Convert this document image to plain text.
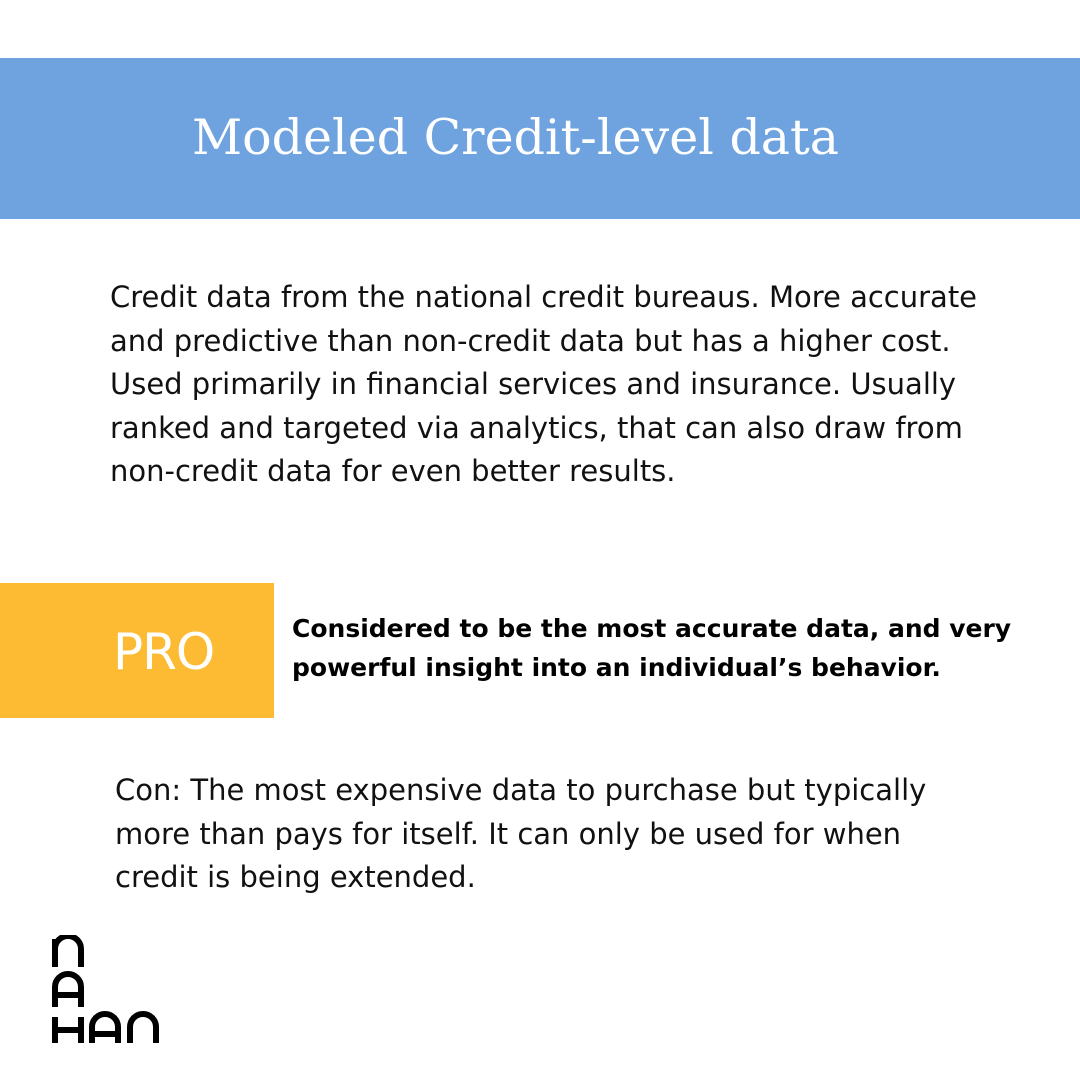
Modeled Credit-level data
Credit data from the national credit bureaus. More accurate and predictive than non-credit data but has a higher cost. Used primarily in financial services and insurance. Usually ranked and targeted via analytics, that can also draw from non-credit data for even better results.
PRO	Considered to be the most accurate data, and very powerful insight into an individual’s behavior.
Con: The most expensive data to purchase but typically more than pays for itself. It can only be used for when credit is being extended.
